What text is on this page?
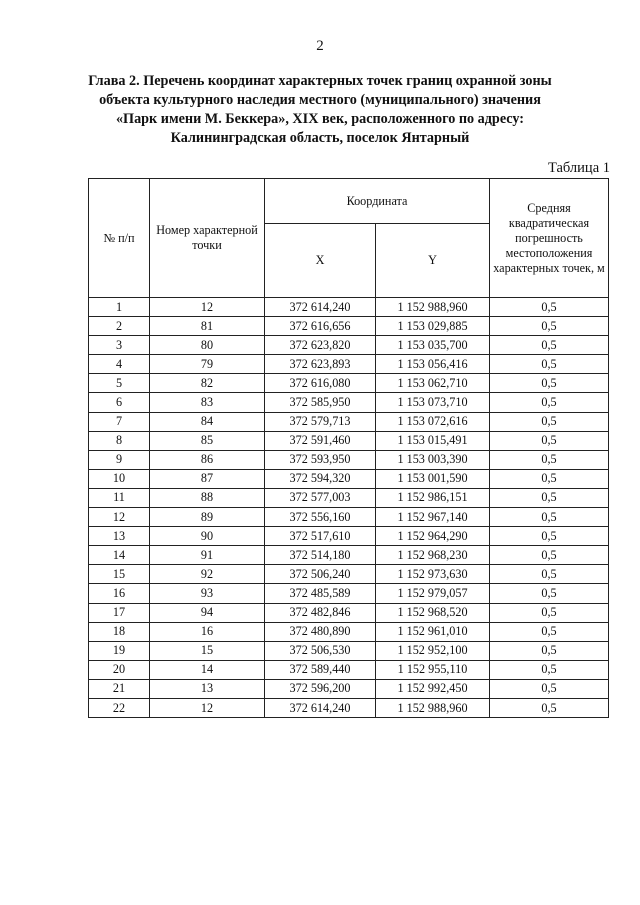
2
Глава 2. Перечень координат характерных точек границ охранной зоны
объекта культурного наследия местного (муниципального) значения
«Парк имени М. Беккера», XIX век, расположенного по адресу:
Калининградская область, поселок Янтарный
Таблица 1
№ п/п	Номер характерной точки	Координата		Средняя квадратическая погрешность местоположения характерных точек, м
		X	Y	
1	12	372 614,240	1 152 988,960	0,5
2	81	372 616,656	1 153 029,885	0,5
3	80	372 623,820	1 153 035,700	0,5
4	79	372 623,893	1 153 056,416	0,5
5	82	372 616,080	1 153 062,710	0,5
6	83	372 585,950	1 153 073,710	0,5
7	84	372 579,713	1 153 072,616	0,5
8	85	372 591,460	1 153 015,491	0,5
9	86	372 593,950	1 153 003,390	0,5
10	87	372 594,320	1 153 001,590	0,5
11	88	372 577,003	1 152 986,151	0,5
12	89	372 556,160	1 152 967,140	0,5
13	90	372 517,610	1 152 964,290	0,5
14	91	372 514,180	1 152 968,230	0,5
15	92	372 506,240	1 152 973,630	0,5
16	93	372 485,589	1 152 979,057	0,5
17	94	372 482,846	1 152 968,520	0,5
18	16	372 480,890	1 152 961,010	0,5
19	15	372 506,530	1 152 952,100	0,5
20	14	372 589,440	1 152 955,110	0,5
21	13	372 596,200	1 152 992,450	0,5
22	12	372 614,240	1 152 988,960	0,5
